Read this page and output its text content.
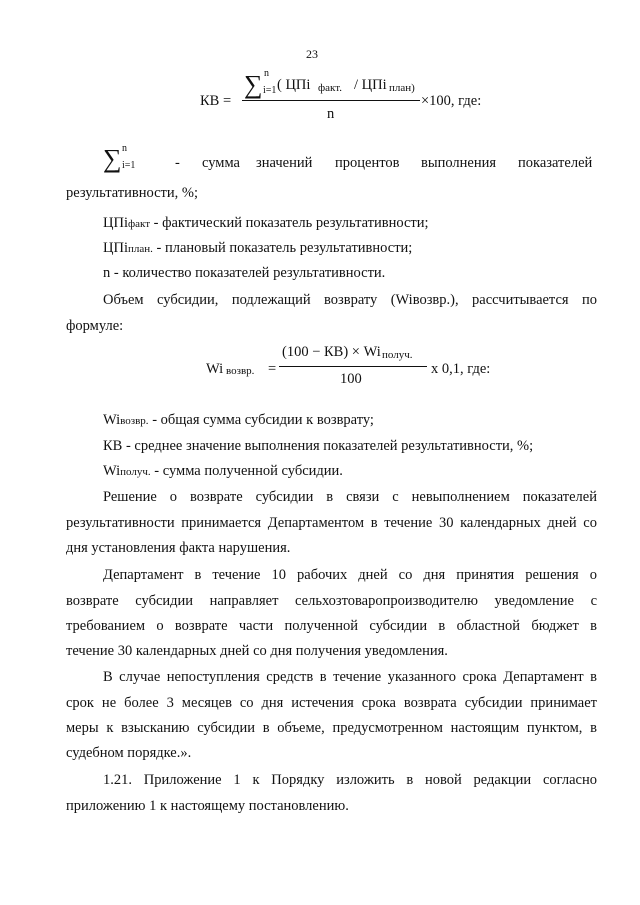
23
КВ =
∑ n
i=1 ( ЦПi факт. / ЦПi план)
n
×100, где:
∑ n
i=1	- сумма значений процентов выполнения показателей
результативности, %;
ЦПiфакт - фактический показатель результативности;
ЦПiплан. - плановый показатель результативности;
n - количество показателей результативности.
Объем субсидии, подлежащий возврату (Wiвозвр.), рассчитывается по
формуле:
Wi возвр. =
(100 − КВ) × Wi получ.
100
x 0,1, где:
Wiвозвр. - общая сумма субсидии к возврату;
КВ - среднее значение выполнения показателей результативности, %;
Wiполуч. - сумма полученной субсидии.
Решение о возврате субсидии в связи с невыполнением показателей
результативности принимается Департаментом в течение 30 календарных дней со
дня установления факта нарушения.
Департамент в течение 10 рабочих дней со дня принятия решения о
возврате субсидии направляет сельхозтоваропроизводителю уведомление с
требованием о возврате части полученной субсидии в областной бюджет в
течение 30 календарных дней со дня получения уведомления.
В случае непоступления средств в течение указанного срока Департамент в
срок не более 3 месяцев со дня истечения срока возврата субсидии принимает
меры к взысканию субсидии в объеме, предусмотренном настоящим пунктом, в
судебном порядке.».
1.21. Приложение 1 к Порядку изложить в новой редакции согласно
приложению 1 к настоящему постановлению.
